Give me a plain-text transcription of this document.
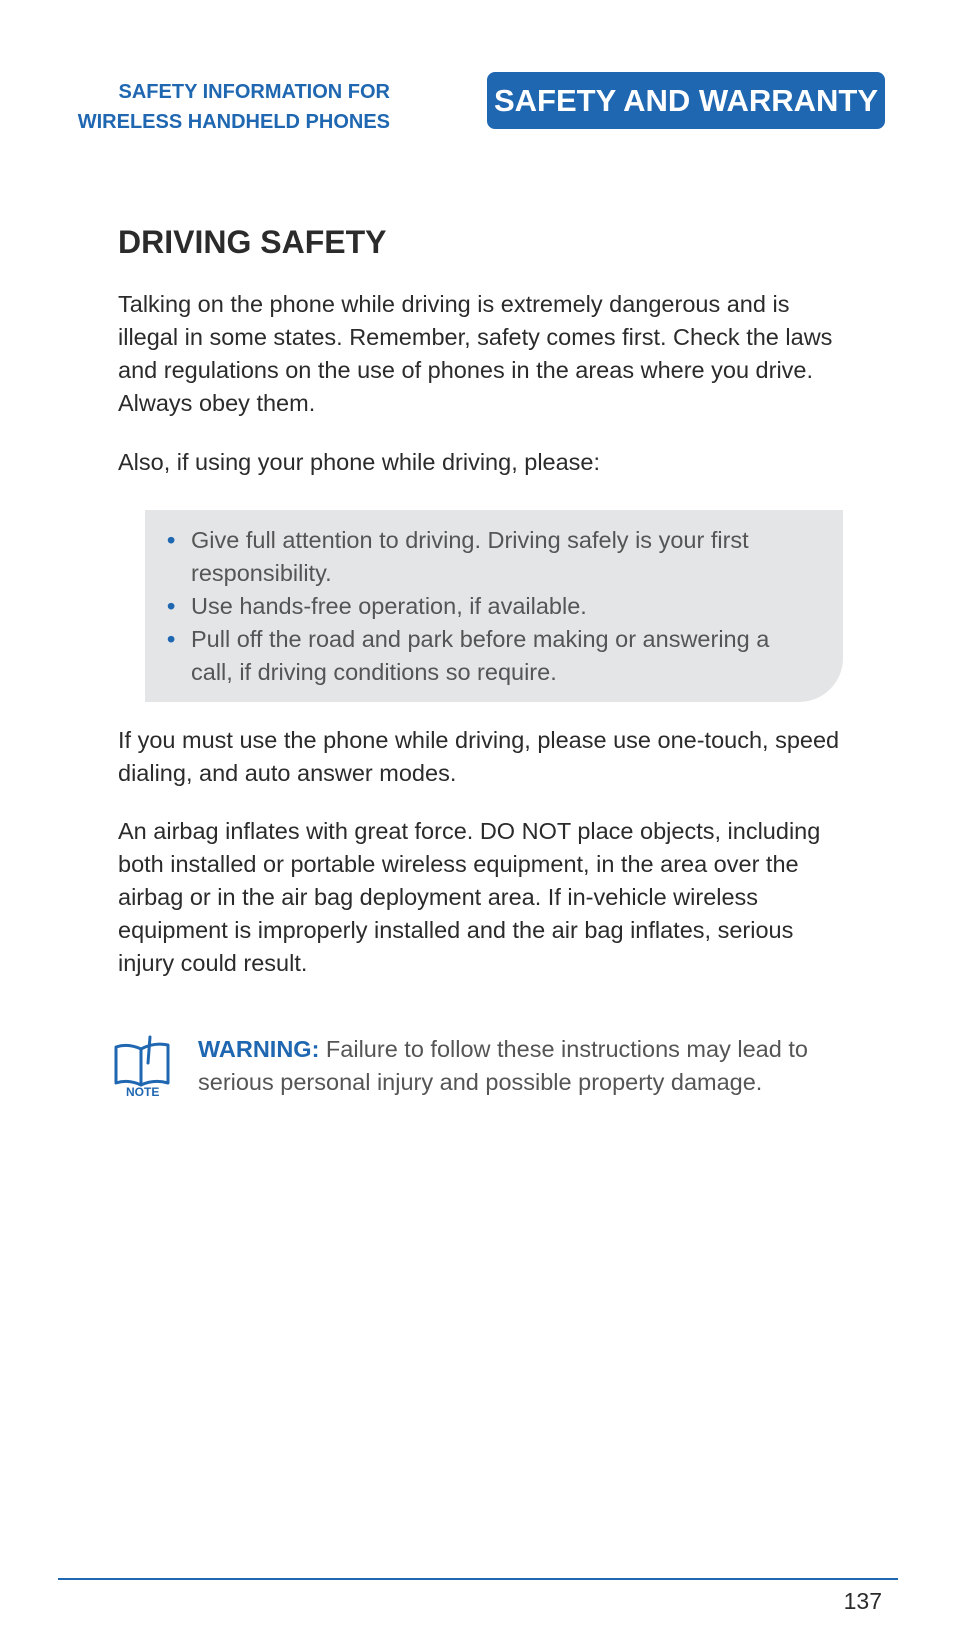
SAFETY INFORMATION FOR
WIRELESS HANDHELD PHONES
SAFETY AND WARRANTY
DRIVING SAFETY

Talking on the phone while driving is extremely dangerous and is illegal in some states. Remember, safety comes first. Check the laws and regulations on the use of phones in the areas where you drive. Always obey them.

Also, if using your phone while driving, please:

• Give full attention to driving. Driving safely is your first responsibility.
• Use hands-free operation, if available.
• Pull off the road and park before making or answering a call, if driving conditions so require.

If you must use the phone while driving, please use one-touch, speed dialing, and auto answer modes.

An airbag inflates with great force. DO NOT place objects, including both installed or portable wireless equipment, in the area over the airbag or in the air bag deployment area. If in-vehicle wireless equipment is improperly installed and the air bag inflates, serious injury could result.

NOTE

WARNING: Failure to follow these instructions may lead to serious personal injury and possible property damage.

137
